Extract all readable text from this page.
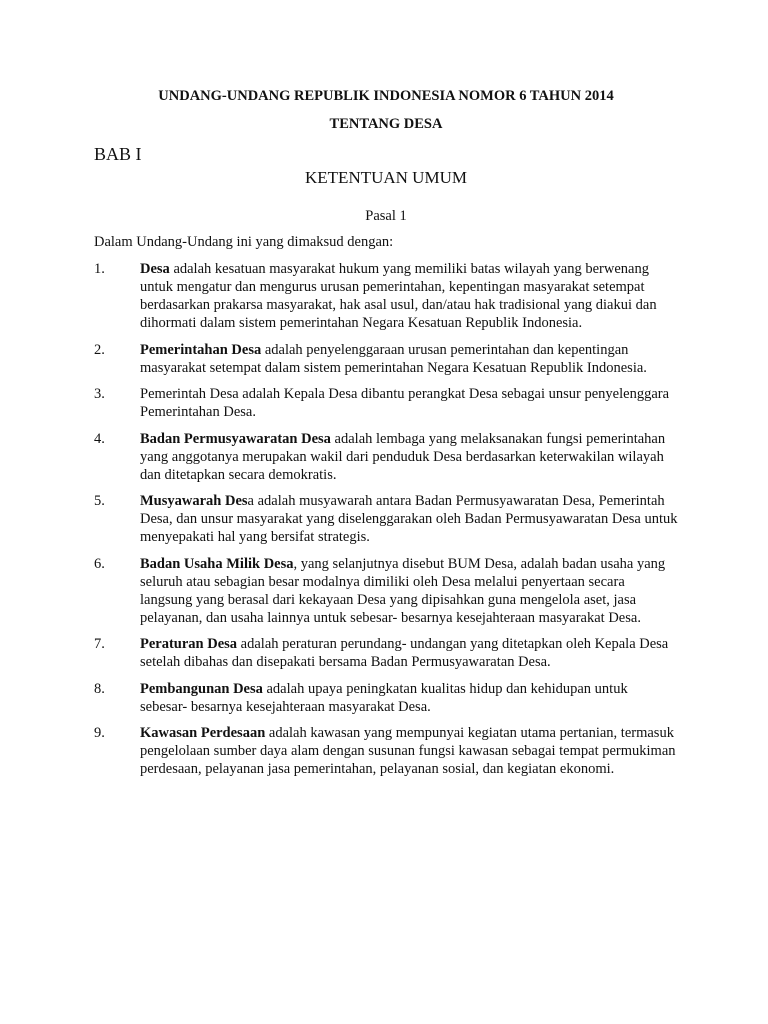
UNDANG-UNDANG REPUBLIK INDONESIA NOMOR 6 TAHUN 2014
TENTANG DESA
BAB I
KETENTUAN UMUM
Pasal 1
Dalam Undang-Undang ini yang dimaksud dengan:
1.	Desa adalah kesatuan masyarakat hukum yang memiliki batas wilayah yang berwenang untuk mengatur dan mengurus urusan pemerintahan, kepentingan masyarakat setempat berdasarkan prakarsa masyarakat, hak asal usul, dan/atau hak tradisional yang diakui dan dihormati dalam sistem pemerintahan Negara Kesatuan Republik Indonesia.
2.	Pemerintahan Desa adalah penyelenggaraan urusan pemerintahan dan kepentingan masyarakat setempat dalam sistem pemerintahan Negara Kesatuan Republik Indonesia.
3.	Pemerintah Desa adalah Kepala Desa dibantu perangkat Desa sebagai unsur penyelenggara Pemerintahan Desa.
4.	Badan Permusyawaratan Desa adalah lembaga yang melaksanakan fungsi pemerintahan yang anggotanya merupakan wakil dari penduduk Desa berdasarkan keterwakilan wilayah dan ditetapkan secara demokratis.
5.	Musyawarah Desa adalah musyawarah antara Badan Permusyawaratan Desa, Pemerintah Desa, dan unsur masyarakat yang diselenggarakan oleh Badan Permusyawaratan Desa untuk menyepakati hal yang bersifat strategis.
6.	Badan Usaha Milik Desa, yang selanjutnya disebut BUM Desa, adalah badan usaha yang seluruh atau sebagian besar modalnya dimiliki oleh Desa melalui penyertaan secara langsung yang berasal dari kekayaan Desa yang dipisahkan guna mengelola aset, jasa pelayanan, dan usaha lainnya untuk sebesar- besarnya kesejahteraan masyarakat Desa.
7.	Peraturan Desa adalah peraturan perundang- undangan yang ditetapkan oleh Kepala Desa setelah dibahas dan disepakati bersama Badan Permusyawaratan Desa.
8.	Pembangunan Desa adalah upaya peningkatan kualitas hidup dan kehidupan untuk sebesar- besarnya kesejahteraan masyarakat Desa.
9.	Kawasan Perdesaan adalah kawasan yang mempunyai kegiatan utama pertanian, termasuk pengelolaan sumber daya alam dengan susunan fungsi kawasan sebagai tempat permukiman perdesaan, pelayanan jasa pemerintahan, pelayanan sosial, dan kegiatan ekonomi.
